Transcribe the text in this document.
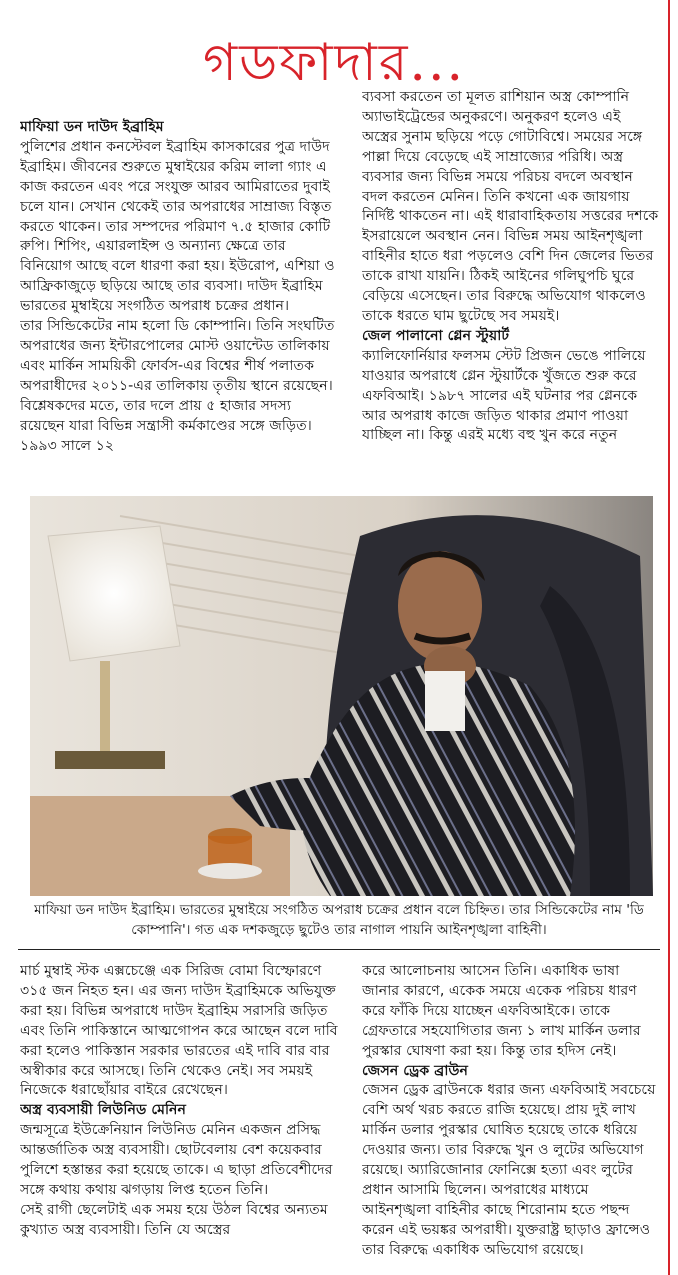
গডফাদার...

মাফিয়া ডন দাউদ ইব্রাহিম

পুলিশের প্রধান কনস্টেবল ইব্রাহিম কাসকারের পুত্র দাউদ ইব্রাহিম। জীবনের শুরুতে মুম্বাইয়ের করিম লালা গ্যাং এ কাজ করতেন এবং পরে সংযুক্ত আরব আমিরাতের দুবাই চলে যান। সেখান থেকেই তার অপরাধের সাম্রাজ্য বিস্তৃত করতে থাকেন। তার সম্পদের পরিমাণ ৭.৫ হাজার কোটি রুপি। শিপিং, এয়ারলাইন্স ও অন্যান্য ক্ষেত্রে তার বিনিয়োগ আছে বলে ধারণা করা হয়। ইউরোপ, এশিয়া ও আফ্রিকাজুড়ে ছড়িয়ে আছে তার ব্যবসা। দাউদ ইব্রাহিম ভারতের মুম্বাইয়ে সংগঠিত অপরাধ চক্রের প্রধান।

তার সিন্ডিকেটের নাম হলো ডি কোম্পানি। তিনি সংঘটিত অপরাধের জন্য ইন্টারপোলের মোস্ট ওয়ান্টেড তালিকায় এবং মার্কিন সাময়িকী ফোর্বস-এর বিশ্বের শীর্ষ পলাতক অপরাধীদের ২০১১-এর তালিকায় তৃতীয় স্থানে রয়েছেন। বিশ্লেষকদের মতে, তার দলে প্রায় ৫ হাজার সদস্য রয়েছেন যারা বিভিন্ন সন্ত্রাসী কর্মকাণ্ডের সঙ্গে জড়িত। ১৯৯৩ সালে ১২

ব্যবসা করতেন তা মূলত রাশিয়ান অস্ত্র কোম্পানি অ্যাভাইট্রেন্ডের অনুকরণে। অনুকরণ হলেও এই অস্ত্রের সুনাম ছড়িয়ে পড়ে গোটাবিশ্বে। সময়ের সঙ্গে পাল্লা দিয়ে বেড়েছে এই সাম্রাজ্যের পরিধি। অস্ত্র ব্যবসার জন্য বিভিন্ন সময়ে পরিচয় বদলে অবস্থান বদল করতেন মেনিন। তিনি কখনো এক জায়গায় নির্দিষ্ট থাকতেন না। এই ধারাবাহিকতায় সত্তরের দশকে ইসরায়েলে অবস্থান নেন। বিভিন্ন সময় আইনশৃঙ্খলা বাহিনীর হাতে ধরা পড়লেও বেশি দিন জেলের ভিতর তাকে রাখা যায়নি। ঠিকই আইনের গলিঘুপচি ঘুরে বেড়িয়ে এসেছেন। তার বিরুদ্ধে অভিযোগ থাকলেও তাকে ধরতে ঘাম ছুটেছে সব সময়ই।

জেল পালানো গ্লেন স্টুয়ার্ট

ক্যালিফোর্নিয়ার ফলসম স্টেট প্রিজন ভেঙে পালিয়ে যাওয়ার অপরাধে গ্লেন স্টুয়ার্টকে খুঁজতে শুরু করে এফবিআই। ১৯৮৭ সালের এই ঘটনার পর গ্লেনকে আর অপরাধ কাজে জড়িত থাকার প্রমাণ পাওয়া যাচ্ছিল না। কিন্তু এরই মধ্যে বহু খুন করে নতুন

মাফিয়া ডন দাউদ ইব্রাহিম। ভারতের মুম্বাইয়ে সংগঠিত অপরাধ চক্রের প্রধান বলে চিহ্নিত। তার সিন্ডিকেটের নাম 'ডি কোম্পানি'। গত এক দশকজুড়ে ছুটেও তার নাগাল পায়নি আইনশৃঙ্খলা বাহিনী।

মার্চ মুম্বাই স্টক এক্সচেঞ্জে এক সিরিজ বোমা বিস্ফোরণে ৩১৫ জন নিহত হন। এর জন্য দাউদ ইব্রাহিমকে অভিযুক্ত করা হয়। বিভিন্ন অপরাধে দাউদ ইব্রাহিম সরাসরি জড়িত এবং তিনি পাকিস্তানে আত্মগোপন করে আছেন বলে দাবি করা হলেও পাকিস্তান সরকার ভারতের এই দাবি বার বার অস্বীকার করে আসছে। তিনি থেকেও নেই। সব সময়ই নিজেকে ধরাছোঁয়ার বাইরে রেখেছেন।

অস্ত্র ব্যবসায়ী লিউনিড মেনিন

জন্মসূত্রে ইউক্রেনিয়ান লিউনিড মেনিন একজন প্রসিদ্ধ আন্তর্জাতিক অস্ত্র ব্যবসায়ী। ছোটবেলায় বেশ কয়েকবার পুলিশে হস্তান্তর করা হয়েছে তাকে। এ ছাড়া প্রতিবেশীদের সঙ্গে কথায় কথায় ঝগড়ায় লিপ্ত হতেন তিনি।

সেই রাগী ছেলেটাই এক সময় হয়ে উঠল বিশ্বের অন্যতম কুখ্যাত অস্ত্র ব্যবসায়ী। তিনি যে অস্ত্রের

করে আলোচনায় আসেন তিনি। একাধিক ভাষা জানার কারণে, একেক সময়ে একেক পরিচয় ধারণ করে ফাঁকি দিয়ে যাচ্ছেন এফবিআইকে। তাকে গ্রেফতারে সহযোগিতার জন্য ১ লাখ মার্কিন ডলার পুরস্কার ঘোষণা করা হয়। কিন্তু তার হদিস নেই।

জেসন ড্রেক ব্রাউন

জেসন ড্রেক ব্রাউনকে ধরার জন্য এফবিআই সবচেয়ে বেশি অর্থ খরচ করতে রাজি হয়েছে। প্রায় দুই লাখ মার্কিন ডলার পুরস্কার ঘোষিত হয়েছে তাকে ধরিয়ে দেওয়ার জন্য। তার বিরুদ্ধে খুন ও লুটের অভিযোগ রয়েছে। অ্যারিজোনার ফোনিক্সে হত্যা এবং লুটের প্রধান আসামি ছিলেন। অপরাধের মাধ্যমে আইনশৃঙ্খলা বাহিনীর কাছে শিরোনাম হতে পছন্দ করেন এই ভয়ঙ্কর অপরাধী। যুক্তরাষ্ট্র ছাড়াও ফ্রান্সেও তার বিরুদ্ধে একাধিক অভিযোগ রয়েছে।
